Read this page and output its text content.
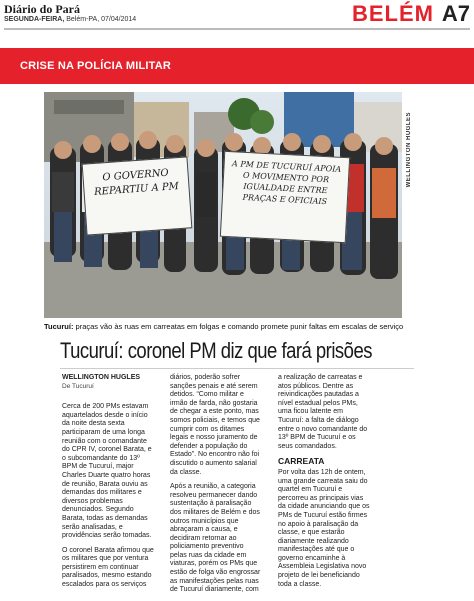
Diário do Pará
SEGUNDA-FEIRA, Belém-PA, 07/04/2014	BELÉM A7
CRISE NA POLÍCIA MILITAR
O GOVERNO REPARTIU A PM
A PM DE TUCURUÍ APOIA O MOVIMENTO POR IGUALDADE ENTRE PRAÇAS E OFICIAIS
WELLINGTON HUGLES
Tucuruí: praças vão às ruas em carreatas em folgas e comando promete punir faltas em escalas de serviço
Tucuruí: coronel PM diz que fará prisões
WELLINGTON HUGLES
De Tucuruí

Cerca de 200 PMs estavam aquartelados desde o início da noite desta sexta participaram de uma longa reunião com o comandante do CPR IV, coronel Barata, e o subcomandante do 13º BPM de Tucuruí, major Charles Duarte quatro horas de reunião, Barata ouviu as demandas dos militares e diversos problemas denunciados. Segundo Barata, todas as demandas serão analisadas, e providências serão tomadas.

O coronel Barata afirmou que os militares que por ventura persistirem em continuar paralisados, mesmo estando escalados para os serviços

diários, poderão sofrer sanções penais e até serem detidos. “Como militar e irmão de farda, não gostaria de chegar a este ponto, mas somos policiais, e temos que cumprir com os ditames legais e nosso juramento de defender a população do Estado”. No encontro não foi discutido o aumento salarial da classe.

Após a reunião, a categoria resolveu permanecer dando sustentação à paralisação dos militares de Belém e dos outros municípios que abraçaram a causa, e decidiram retornar ao policiamento preventivo pelas ruas da cidade em viaturas, porém os PMs que estão de folga vão engrossar as manifestações pelas ruas de Tucuruí diariamente, com

a realização de carreatas e atos públicos. Dentre as reivindicações pautadas a nível estadual pelos PMs, uma ficou latente em Tucuruí: a falta de diálogo entre o novo comandante do 13º BPM de Tucuruí e os seus comandados.

CARREATA

Por volta das 12h de ontem, uma grande carreata saiu do quartel em Tucuruí e percorreu as principais vias da cidade anunciando que os PMs de Tucuruí estão firmes no apoio à paralisação da classe, e que estarão diariamente realizando manifestações até que o governo encaminhe à Assembleia Legislativa novo projeto de lei beneficiando toda a classe.
